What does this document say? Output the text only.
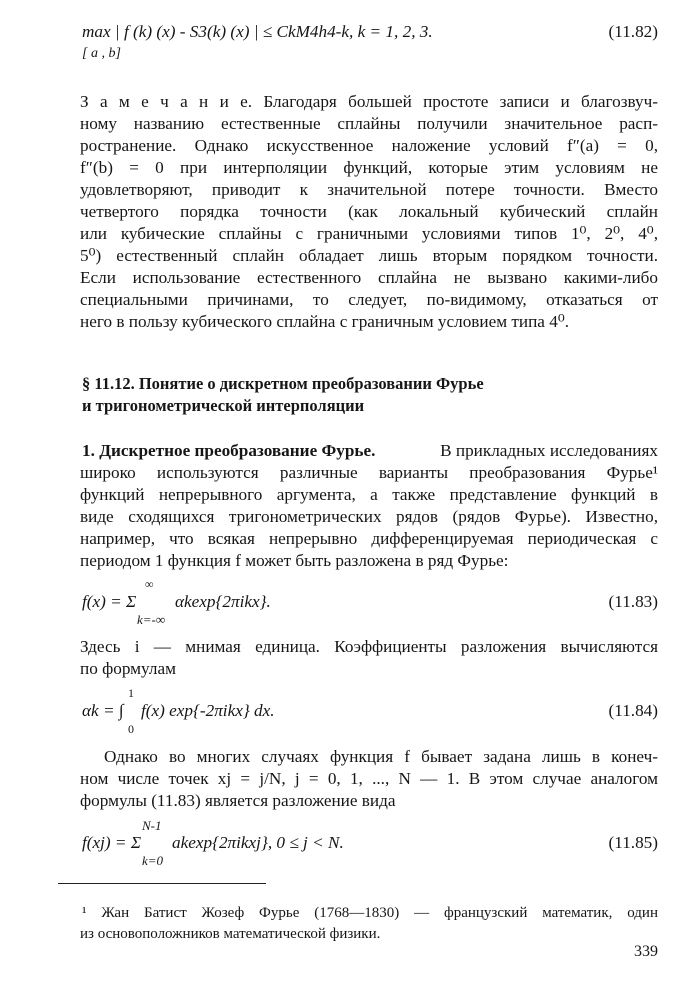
max | f (k) (x) - S3(k) (x) | ≤ CkM4h4-k, k = 1, 2, 3.	(11.82)
[ a , b]
З а м е ч а н и е. Благодаря большей простоте записи и благозвуч-
ному названию естественные сплайны получили значительное расп-
ространение. Однако искусственное наложение условий f″(a) = 0,
f″(b) = 0 при интерполяции функций, которые этим условиям не
удовлетворяют, приводит к значительной потере точности. Вместо
четвертого порядка точности (как локальный кубический сплайн
или кубические сплайны с граничными условиями типов 1⁰, 2⁰, 4⁰,
5⁰) естественный сплайн обладает лишь вторым порядком точности.
Если использование естественного сплайна не вызвано какими-либо
специальными причинами, то следует, по-видимому, отказаться от
него в пользу кубического сплайна с граничным условием типа 4⁰.
§ 11.12. Понятие о дискретном преобразовании Фурье
и тригонометрической интерполяции
1. Дискретное преобразование Фурье.	В прикладных исследованиях
широко используются различные варианты преобразования Фурье¹
функций непрерывного аргумента, а также представление функций в
виде сходящихся тригонометрических рядов (рядов Фурье). Известно,
например, что всякая непрерывно дифференцируемая периодическая с
периодом 1 функция f может быть разложена в ряд Фурье:
∞
f(x) = Σ αkexp{2πikx}.
k=-∞
(11.83)
Здесь i — мнимая единица. Коэффициенты разложения вычисляются
по формулам
1
αk = ∫ f(x) exp{-2πikx} dx.
0
(11.84)
Однако во многих случаях функция f бывает задана лишь в конеч-
ном числе точек xj = j/N, j = 0, 1, ..., N — 1. В этом случае аналогом
формулы (11.83) является разложение вида
N-1
f(xj) = Σ akexp{2πikxj}, 0 ≤ j < N.
k=0
(11.85)
¹ Жан Батист Жозеф Фурье (1768—1830) — французский математик, один
из основоположников математической физики.
339
